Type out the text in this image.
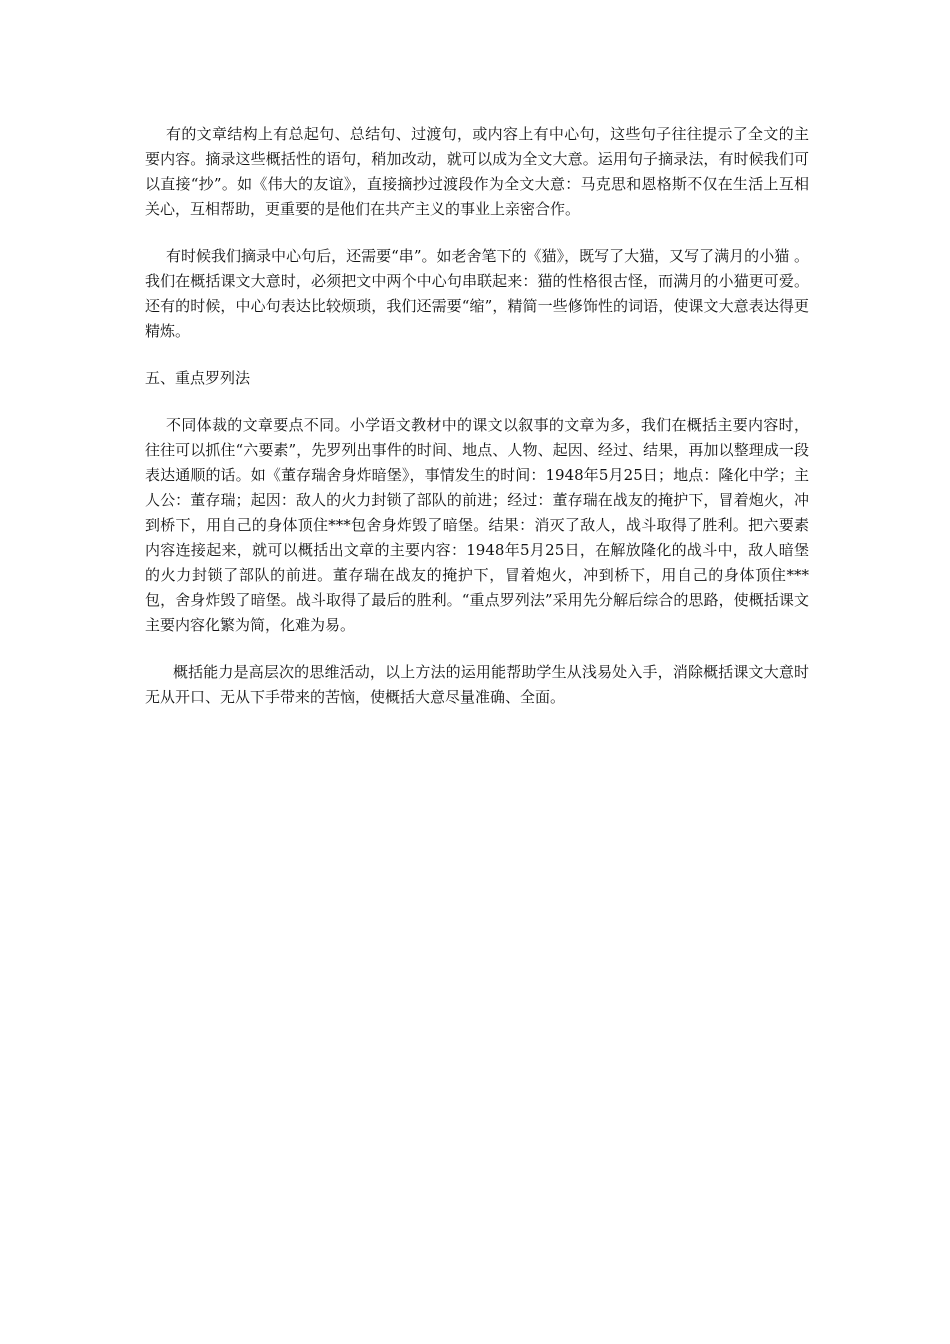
有的文章结构上有总起句、总结句、过渡句，或内容上有中心句，这些句子往往提示了全文的主要内容。摘录这些概括性的语句，稍加改动，就可以成为全文大意。运用句子摘录法，有时候我们可以直接“抄”。如《伟大的友谊》，直接摘抄过渡段作为全文大意：马克思和恩格斯不仅在生活上互相关心，互相帮助，更重要的是他们在共产主义的事业上亲密合作。

有时候我们摘录中心句后，还需要“串”。如老舍笔下的《猫》，既写了大猫，又写了满月的小猫 。我们在概括课文大意时，必须把文中两个中心句串联起来：猫的性格很古怪，而满月的小猫更可爱。还有的时候，中心句表达比较烦琐，我们还需要“缩”，精简一些修饰性的词语，使课文大意表达得更精炼。

五、重点罗列法

不同体裁的文章要点不同。小学语文教材中的课文以叙事的文章为多，我们在概括主要内容时，往往可以抓住“六要素”，先罗列出事件的时间、地点、人物、起因、经过、结果，再加以整理成一段表达通顺的话。如《董存瑞舍身炸暗堡》，事情发生的时间：1948年5月25日；地点：隆化中学；主人公：董存瑞；起因：敌人的火力封锁了部队的前进；经过：董存瑞在战友的掩护下，冒着炮火，冲到桥下，用自己的身体顶住***包舍身炸毁了暗堡。结果：消灭了敌人，战斗取得了胜利。把六要素内容连接起来，就可以概括出文章的主要内容：1948年5月25日，在解放隆化的战斗中，敌人暗堡的火力封锁了部队的前进。董存瑞在战友的掩护下，冒着炮火，冲到桥下，用自己的身体顶住***包，舍身炸毁了暗堡。战斗取得了最后的胜利。“重点罗列法”采用先分解后综合的思路，使概括课文主要内容化繁为简，化难为易。

概括能力是高层次的思维活动，以上方法的运用能帮助学生从浅易处入手，消除概括课文大意时无从开口、无从下手带来的苦恼，使概括大意尽量准确、全面。
